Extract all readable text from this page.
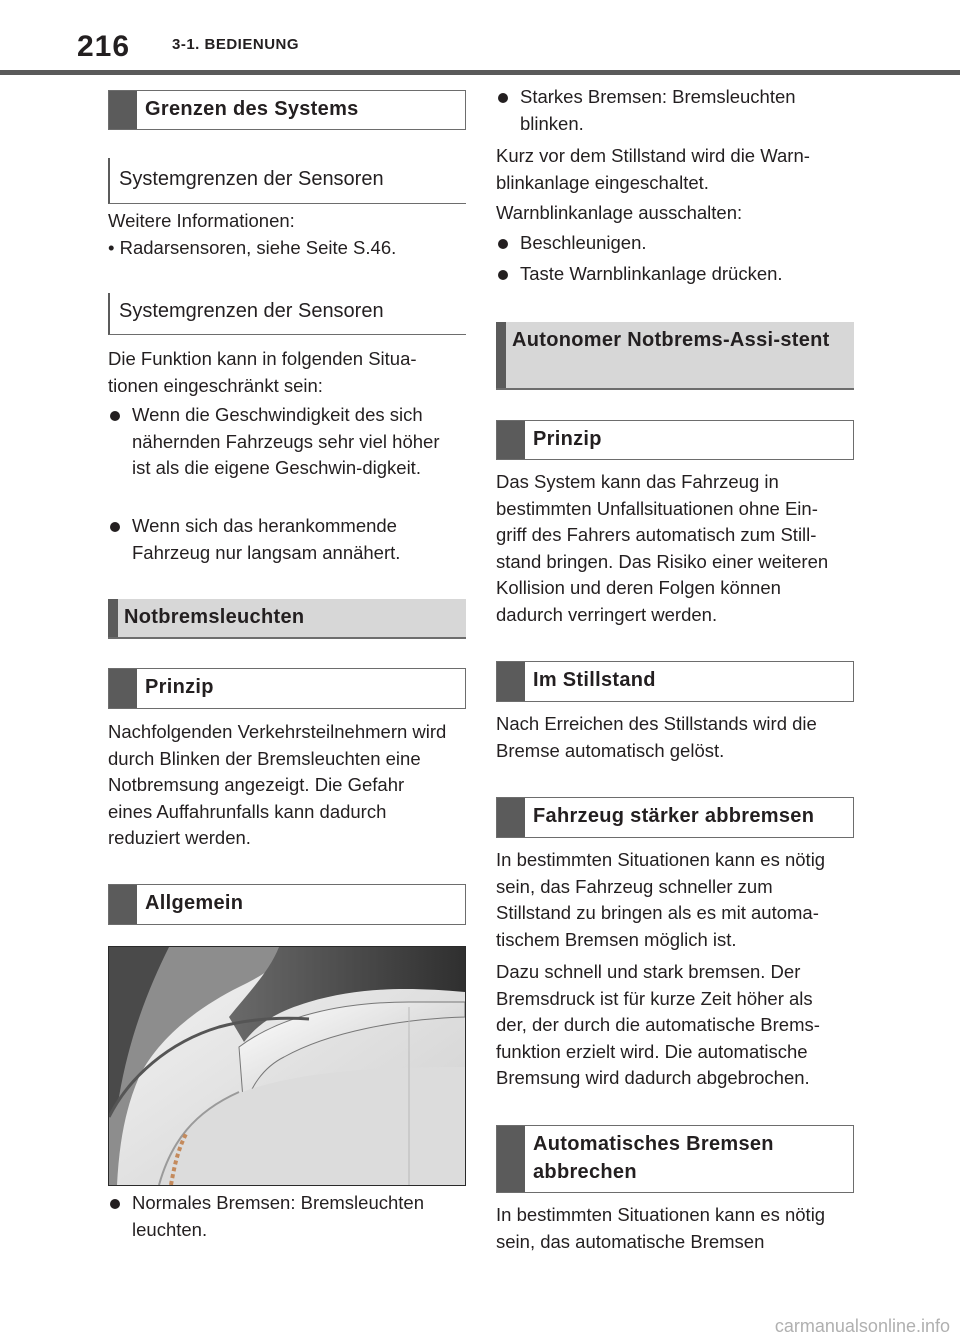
216	3-1. BEDIENUNG
Grenzen des Systems
Systemgrenzen der Sensoren

Weitere Informationen:

• Radarsensoren, siehe Seite S.46.

Systemgrenzen der Sensoren

Die Funktion kann in folgenden Situa-tionen eingeschränkt sein:

Wenn die Geschwindigkeit des sich nähernden Fahrzeugs sehr viel höher ist als die eigene Geschwin-digkeit.
Wenn sich das herankommende Fahrzeug nur langsam annähert.
Notbremsleuchten
Prinzip

Nachfolgenden Verkehrsteilnehmern wird durch Blinken der Bremsleuchten eine Notbremsung angezeigt. Die Gefahr eines Auffahrunfalls kann dadurch reduziert werden.

Allgemein
Normales Bremsen: Bremsleuchten leuchten.
Starkes Bremsen: Bremsleuchten blinken.

Kurz vor dem Stillstand wird die Warn-blinkanlage eingeschaltet.

Warnblinkanlage ausschalten:

Beschleunigen.
Taste Warnblinkanlage drücken.
Autonomer Notbrems-Assi-stent
Prinzip

Das System kann das Fahrzeug in bestimmten Unfallsituationen ohne Ein-griff des Fahrers automatisch zum Still-stand bringen. Das Risiko einer weiteren Kollision und deren Folgen können dadurch verringert werden.

Im Stillstand

Nach Erreichen des Stillstands wird die Bremse automatisch gelöst.

Fahrzeug stärker abbremsen

In bestimmten Situationen kann es nötig sein, das Fahrzeug schneller zum Stillstand zu bringen als es mit automa-tischem Bremsen möglich ist.

Dazu schnell und stark bremsen. Der Bremsdruck ist für kurze Zeit höher als der, der durch die automatische Brems-funktion erzielt wird. Die automatische Bremsung wird dadurch abgebrochen.

Automatisches Bremsen abbrechen

In bestimmten Situationen kann es nötig sein, das automatische Bremsen

carmanualsonline.info
